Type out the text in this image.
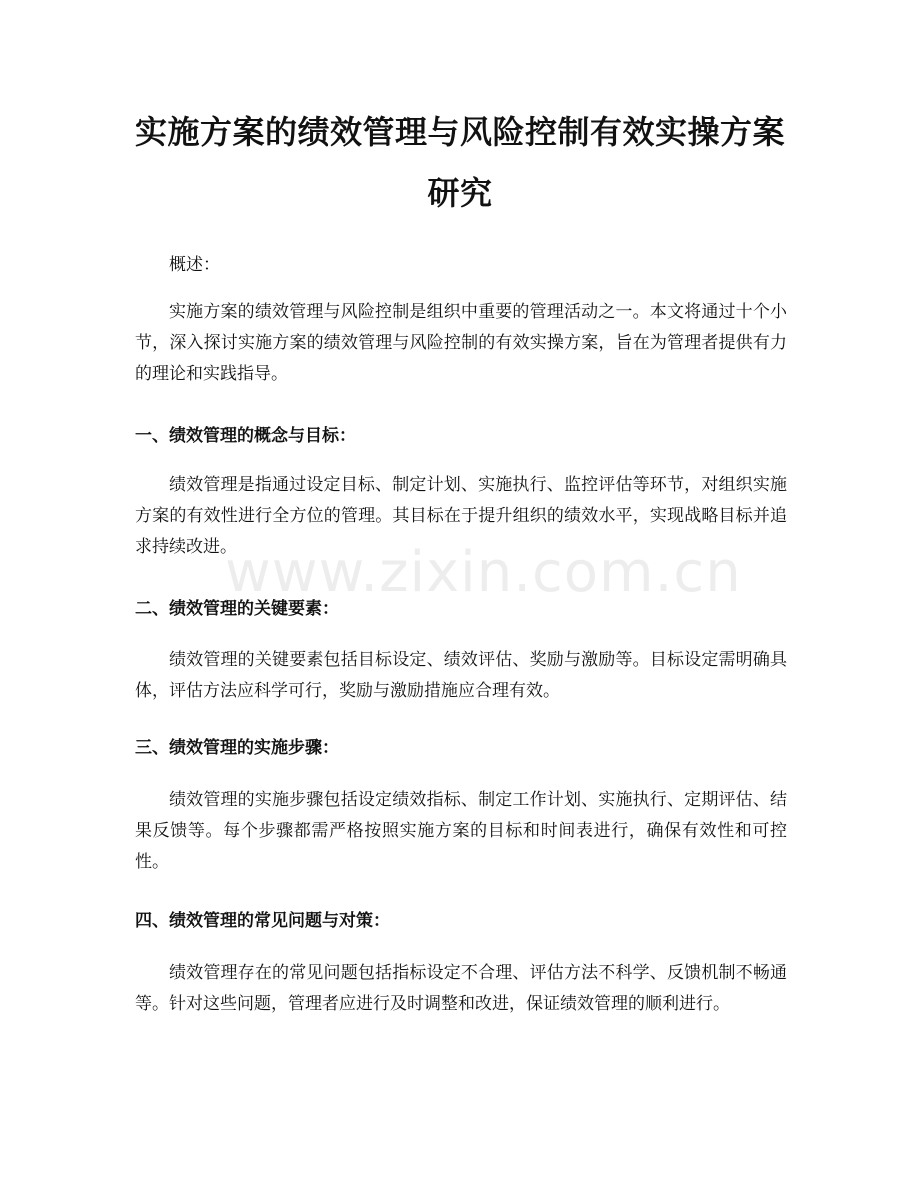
实施方案的绩效管理与风险控制有效实操方案研究
www.zixin.com.cn
概述：
实施方案的绩效管理与风险控制是组织中重要的管理活动之一。本文将通过十个小节，深入探讨实施方案的绩效管理与风险控制的有效实操方案，旨在为管理者提供有力的理论和实践指导。
一、绩效管理的概念与目标：
绩效管理是指通过设定目标、制定计划、实施执行、监控评估等环节，对组织实施方案的有效性进行全方位的管理。其目标在于提升组织的绩效水平，实现战略目标并追求持续改进。
二、绩效管理的关键要素：
绩效管理的关键要素包括目标设定、绩效评估、奖励与激励等。目标设定需明确具体，评估方法应科学可行，奖励与激励措施应合理有效。
三、绩效管理的实施步骤：
绩效管理的实施步骤包括设定绩效指标、制定工作计划、实施执行、定期评估、结果反馈等。每个步骤都需严格按照实施方案的目标和时间表进行，确保有效性和可控性。
四、绩效管理的常见问题与对策：
绩效管理存在的常见问题包括指标设定不合理、评估方法不科学、反馈机制不畅通等。针对这些问题，管理者应进行及时调整和改进，保证绩效管理的顺利进行。
